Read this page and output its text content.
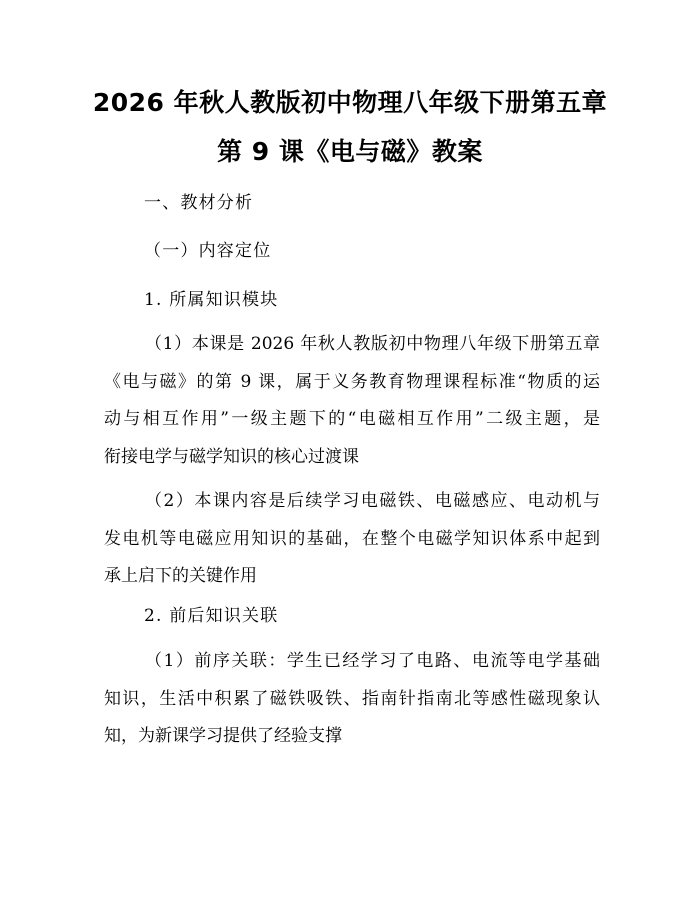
2026 年秋人教版初中物理八年级下册第五章
第 9 课《电与磁》教案
一、教材分析
（一）内容定位
1. 所属知识模块
（1）本课是 2026 年秋人教版初中物理八年级下册第五章
《电与磁》的第 9 课，属于义务教育物理课程标准“物质的运
动与相互作用”一级主题下的“电磁相互作用”二级主题，是
衔接电学与磁学知识的核心过渡课
（2）本课内容是后续学习电磁铁、电磁感应、电动机与
发电机等电磁应用知识的基础，在整个电磁学知识体系中起到
承上启下的关键作用
2. 前后知识关联
（1）前序关联：学生已经学习了电路、电流等电学基础
知识，生活中积累了磁铁吸铁、指南针指南北等感性磁现象认
知，为新课学习提供了经验支撑
